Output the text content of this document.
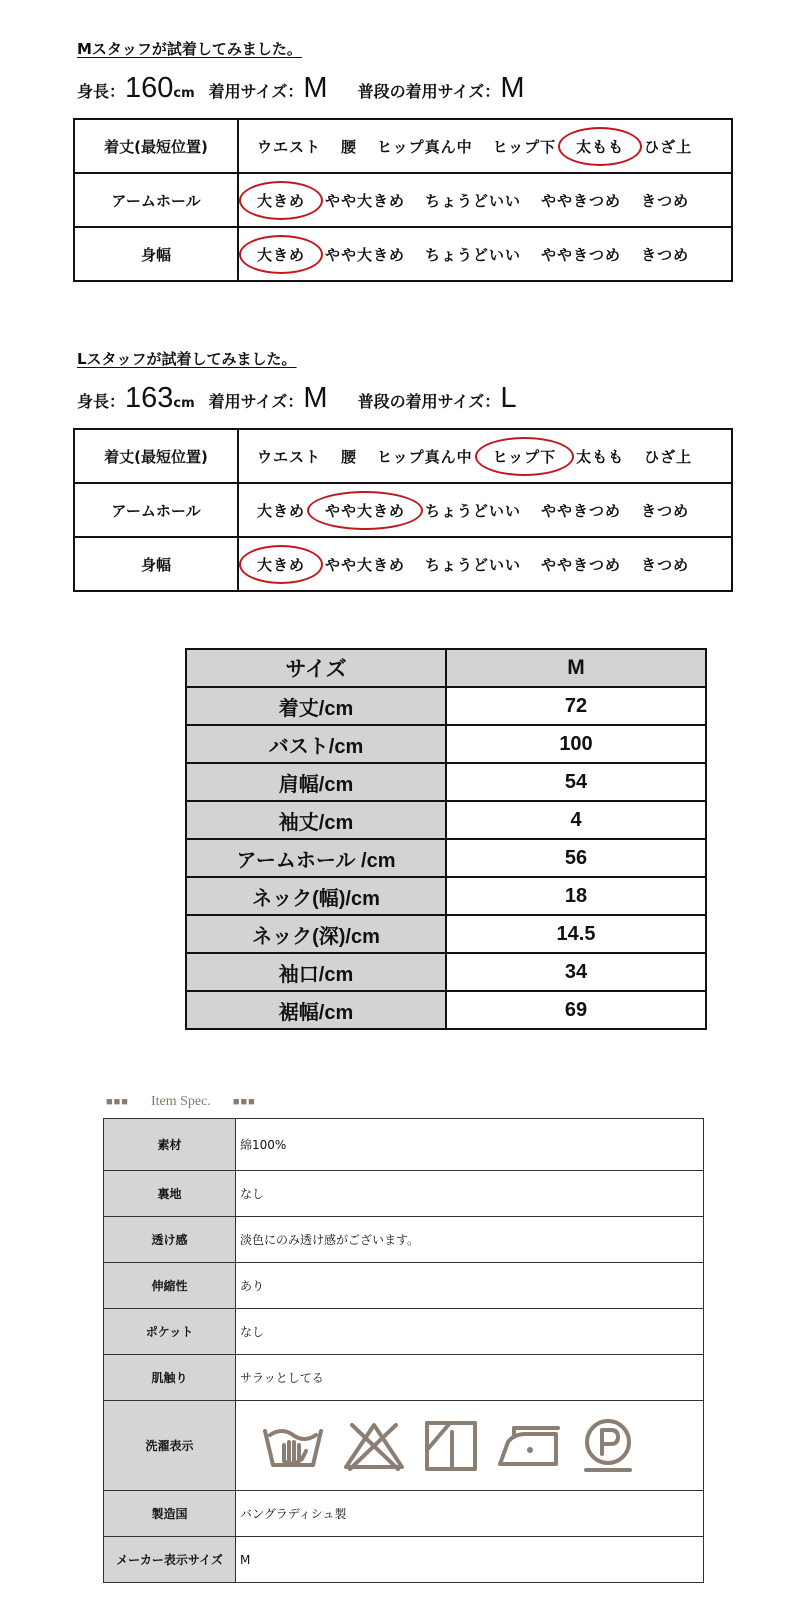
Mスタッフが試着してみました。
身長：160cm 着用サイズ：M 普段の着用サイズ：M
着丈(最短位置)	ウエスト 腰 ヒップ真ん中 ヒップ下 太もも ひざ上
アームホール	大きめ やや大きめ ちょうどいい ややきつめ きつめ
身幅	大きめ やや大きめ ちょうどいい ややきつめ きつめ
Lスタッフが試着してみました。
身長：163cm 着用サイズ：M 普段の着用サイズ：L
着丈(最短位置)	ウエスト 腰 ヒップ真ん中 ヒップ下 太もも ひざ上
アームホール	大きめ やや大きめ ちょうどいい ややきつめ きつめ
身幅	大きめ やや大きめ ちょうどいい ややきつめ きつめ
サイズ	M
着丈/cm	72
バスト/cm	100
肩幅/cm	54
袖丈/cm	4
アームホール /cm	56
ネック(幅)/cm	18
ネック(深)/cm	14.5
袖口/cm	34
裾幅/cm	69
■■■ Item Spec. ■■■
素材	綿100%
裏地	なし
透け感	淡色にのみ透け感がございます。
伸縮性	あり
ポケット	なし
肌触り	サラッとしてる
洗濯表示	

製造国	バングラディシュ製
メーカー表示サイズ	M
